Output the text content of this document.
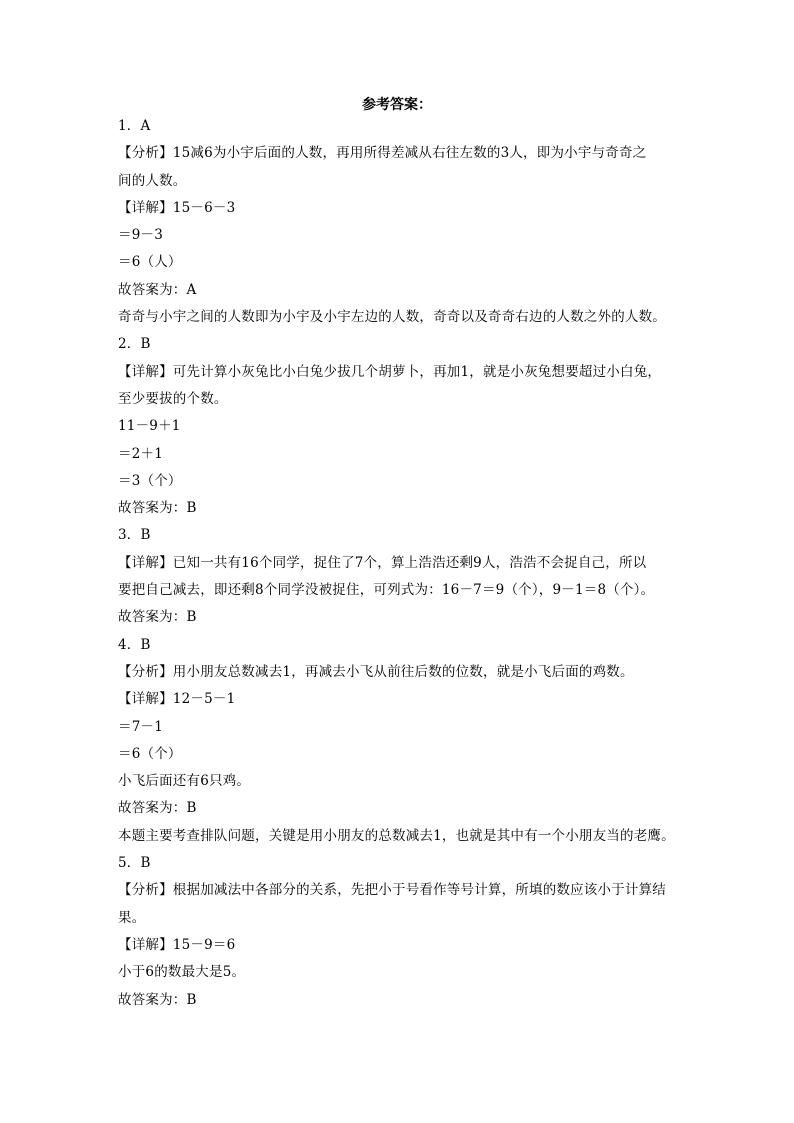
参考答案：
1．A
【分析】15减6为小宇后面的人数，再用所得差减从右往左数的3人，即为小宇与奇奇之
间的人数。
【详解】15－6－3
＝9－3
＝6（人）
故答案为：A
奇奇与小宇之间的人数即为小宇及小宇左边的人数，奇奇以及奇奇右边的人数之外的人数。
2．B
【详解】可先计算小灰兔比小白兔少拔几个胡萝卜，再加1，就是小灰兔想要超过小白兔，
至少要拔的个数。
11－9＋1
＝2＋1
＝3（个）
故答案为：B
3．B
【详解】已知一共有16个同学，捉住了7个，算上浩浩还剩9人，浩浩不会捉自己，所以
要把自己减去，即还剩8个同学没被捉住，可列式为：16－7＝9（个），9－1＝8（个）。
故答案为：B
4．B
【分析】用小朋友总数减去1，再减去小飞从前往后数的位数，就是小飞后面的鸡数。
【详解】12－5－1
＝7－1
＝6（个）
小飞后面还有6只鸡。
故答案为：B
本题主要考查排队问题，关键是用小朋友的总数减去1，也就是其中有一个小朋友当的老鹰。
5．B
【分析】根据加减法中各部分的关系，先把小于号看作等号计算，所填的数应该小于计算结
果。
【详解】15－9＝6
小于6的数最大是5。
故答案为：B
